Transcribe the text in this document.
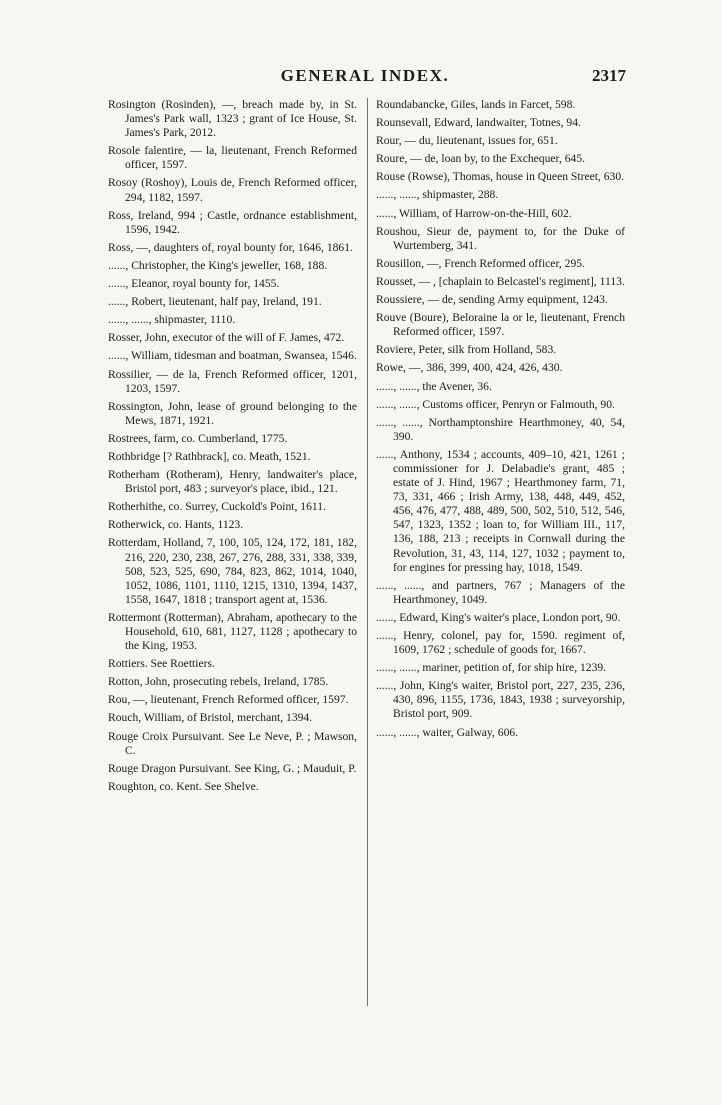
GENERAL INDEX.	2317

Rosington (Rosinden), —, breach made by, in St. James's Park wall, 1323 ; grant of Ice House, St. James's Park, 2012.

Rosole falentire, — la, lieutenant, French Reformed officer, 1597.

Rosoy (Roshoy), Louis de, French Reformed officer, 294, 1182, 1597.

Ross, Ireland, 994 ; Castle, ordnance establishment, 1596, 1942.

Ross, —, daughters of, royal bounty for, 1646, 1861.

......, Christopher, the King's jeweller, 168, 188.

......, Eleanor, royal bounty for, 1455.

......, Robert, lieutenant, half pay, Ireland, 191.

......, ......, shipmaster, 1110.

Rosser, John, executor of the will of F. James, 472.

......, William, tidesman and boatman, Swansea, 1546.

Rossilier, — de la, French Reformed officer, 1201, 1203, 1597.

Rossington, John, lease of ground belonging to the Mews, 1871, 1921.

Rostrees, farm, co. Cumberland, 1775.

Rothbridge [? Rathbrack], co. Meath, 1521.

Rotherham (Rotheram), Henry, landwaiter's place, Bristol port, 483 ; surveyor's place, ibid., 121.

Rotherhithe, co. Surrey, Cuckold's Point, 1611.

Rotherwick, co. Hants, 1123.

Rotterdam, Holland, 7, 100, 105, 124, 172, 181, 182, 216, 220, 230, 238, 267, 276, 288, 331, 338, 339, 508, 523, 525, 690, 784, 823, 862, 1014, 1040, 1052, 1086, 1101, 1110, 1215, 1310, 1394, 1437, 1558, 1647, 1818 ; transport agent at, 1536.

Rottermont (Rotterman), Abraham, apothecary to the Household, 610, 681, 1127, 1128 ; apothecary to the King, 1953.

Rottiers. See Roettiers.

Rotton, John, prosecuting rebels, Ireland, 1785.

Rou, —, lieutenant, French Reformed officer, 1597.

Rouch, William, of Bristol, merchant, 1394.

Rouge Croix Pursuivant. See Le Neve, P. ; Mawson, C.

Rouge Dragon Pursuivant. See King, G. ; Mauduit, P.

Roughton, co. Kent. See Shelve.

Roundabancke, Giles, lands in Farcet, 598.

Rounsevall, Edward, landwaiter, Totnes, 94.

Rour, — du, lieutenant, issues for, 651.

Roure, — de, loan by, to the Exchequer, 645.

Rouse (Rowse), Thomas, house in Queen Street, 630.

......, ......, shipmaster, 288.

......, William, of Harrow-on-the-Hill, 602.

Roushou, Sieur de, payment to, for the Duke of Wurtemberg, 341.

Rousillon, —, French Reformed officer, 295.

Rousset, — , [chaplain to Belcastel's regiment], 1113.

Roussiere, — de, sending Army equipment, 1243.

Rouve (Boure), Beloraine la or le, lieutenant, French Reformed officer, 1597.

Roviere, Peter, silk from Holland, 583.

Rowe, —, 386, 399, 400, 424, 426, 430.

......, ......, the Avener, 36.

......, ......, Customs officer, Penryn or Falmouth, 90.

......, ......, Northamptonshire Hearthmoney, 40, 54, 390.

......, Anthony, 1534 ; accounts, 409–10, 421, 1261 ; commissioner for J. Delabadie's grant, 485 ; estate of J. Hind, 1967 ; Hearthmoney farm, 71, 73, 331, 466 ; Irish Army, 138, 448, 449, 452, 456, 476, 477, 488, 489, 500, 502, 510, 512, 546, 547, 1323, 1352 ; loan to, for William III., 117, 136, 188, 213 ; receipts in Cornwall during the Revolution, 31, 43, 114, 127, 1032 ; payment to, for engines for pressing hay, 1018, 1549.

......, ......, and partners, 767 ; Managers of the Hearthmoney, 1049.

......, Edward, King's waiter's place, London port, 90.

......, Henry, colonel, pay for, 1590. regiment of, 1609, 1762 ; schedule of goods for, 1667.

......, ......, mariner, petition of, for ship hire, 1239.

......, John, King's waiter, Bristol port, 227, 235, 236, 430, 896, 1155, 1736, 1843, 1938 ; surveyorship, Bristol port, 909.

......, ......, waiter, Galway, 606.
